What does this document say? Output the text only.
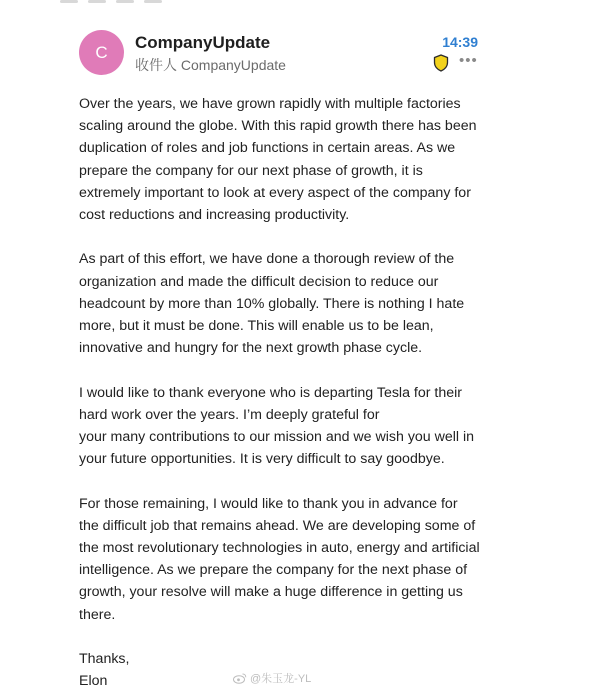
C	CompanyUpdate
收件人 CompanyUpdate
14:39
•••
Over the years, we have grown rapidly with multiple factories
scaling around the globe. With this rapid growth there has been
duplication of roles and job functions in certain areas. As we
prepare the company for our next phase of growth, it is
extremely important to look at every aspect of the company for
cost reductions and increasing productivity.
As part of this effort, we have done a thorough review of the
organization and made the difficult decision to reduce our
headcount by more than 10% globally. There is nothing I hate
more, but it must be done. This will enable us to be lean,
innovative and hungry for the next growth phase cycle.
I would like to thank everyone who is departing Tesla for their
hard work over the years. I’m deeply grateful for
your many contributions to our mission and we wish you well in
your future opportunities. It is very difficult to say goodbye.
For those remaining, I would like to thank you in advance for
the difficult job that remains ahead. We are developing some of
the most revolutionary technologies in auto, energy and artificial
intelligence. As we prepare the company for the next phase of
growth, your resolve will make a huge difference in getting us
there.
Thanks,
Elon	@朱玉龙-YL
